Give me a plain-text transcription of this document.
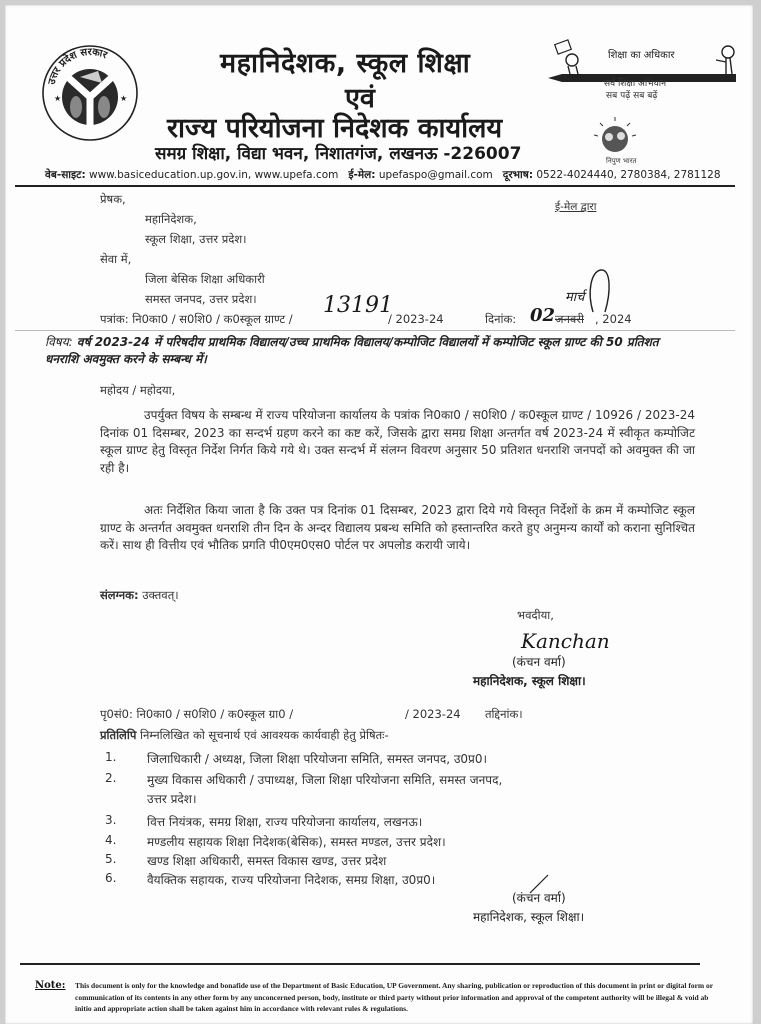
★	★
उत्तर प्रदेश सरकार	महानिदेशक, स्कूल शिक्षा
एवं
राज्य परियोजना निदेशक कार्यालय
समग्र शिक्षा, विद्या भवन, निशातगंज, लखनऊ -226007
शिक्षा का अधिकार
सर्व शिक्षा अभियान
सब पढ़ें सब बढ़ें
निपुण भारत
वेब-साइट: www.basiceducation.up.gov.in, www.upefa.com ई-मेल: upefaspo@gmail.com दूरभाष: 0522-4024440, 2780384, 2781128
प्रेषक,
ई-मेल द्वारा
महानिदेशक,
स्कूल शिक्षा, उत्तर प्रदेश।
सेवा में,
जिला बेसिक शिक्षा अधिकारी
समस्त जनपद, उत्तर प्रदेश।
पत्रांक: नि0का0 / स0शि0 / क0स्कूल ग्राण्ट /
13191
/ 2023-24	दिनांक: 02 जनवरी
मार्च
, 2024
विषय: वर्ष 2023-24 में परिषदीय प्राथमिक विद्यालय/उच्च प्राथमिक विद्यालय/कम्पोजिट विद्यालयों में कम्पोजिट स्कूल ग्राण्ट की 50 प्रतिशत धनराशि अवमुक्त करने के सम्बन्ध में।
महोदय / महोदया,
उपर्युक्त विषय के सम्बन्ध में राज्य परियोजना कार्यालय के पत्रांक नि0का0 / स0शि0 / क0स्कूल ग्राण्ट / 10926 / 2023-24 दिनांक 01 दिसम्बर, 2023 का सन्दर्भ ग्रहण करने का कष्ट करें, जिसके द्वारा समग्र शिक्षा अन्तर्गत वर्ष 2023-24 में स्वीकृत कम्पोजिट स्कूल ग्राण्ट हेतु विस्तृत निर्देश निर्गत किये गये थे। उक्त सन्दर्भ में संलग्न विवरण अनुसार 50 प्रतिशत धनराशि जनपदों को अवमुक्त की जा रही है।
अतः निर्देशित किया जाता है कि उक्त पत्र दिनांक 01 दिसम्बर, 2023 द्वारा दिये गये विस्तृत निर्देशों के क्रम में कम्पोजिट स्कूल ग्राण्ट के अन्तर्गत अवमुक्त धनराशि तीन दिन के अन्दर विद्यालय प्रबन्ध समिति को हस्तान्तरित करते हुए अनुमन्य कार्यों को कराना सुनिश्चित करें। साथ ही वित्तीय एवं भौतिक प्रगति पी0एम0एस0 पोर्टल पर अपलोड करायी जाये।
संलग्नक: उक्तवत्।
भवदीया,
Kanchan
(कंचन वर्मा)
महानिदेशक, स्कूल शिक्षा।
पृ0सं0: नि0का0 / स0शि0 / क0स्कूल ग्रा0 /	/ 2023-24 तद्दिनांक।
प्रतिलिपि निम्नलिखित को सूचनार्थ एवं आवश्यक कार्यवाही हेतु प्रेषितः-
1.	जिलाधिकारी / अध्यक्ष, जिला शिक्षा परियोजना समिति, समस्त जनपद, उ0प्र0।
2.	मुख्य विकास अधिकारी / उपाध्यक्ष, जिला शिक्षा परियोजना समिति, समस्त जनपद,
उत्तर प्रदेश।
3.	वित्त नियंत्रक, समग्र शिक्षा, राज्य परियोजना कार्यालय, लखनऊ।
4.	मण्डलीय सहायक शिक्षा निदेशक(बेसिक), समस्त मण्डल, उत्तर प्रदेश।
5.	खण्ड शिक्षा अधिकारी, समस्त विकास खण्ड, उत्तर प्रदेश
6.	वैयक्तिक सहायक, राज्य परियोजना निदेशक, समग्र शिक्षा, उ0प्र0।
(कंचन वर्मा)
महानिदेशक, स्कूल शिक्षा।
Note: This document is only for the knowledge and bonafide use of the Department of Basic Education, UP Government. Any sharing, publication or reproduction of this document in print or digital form or communication of its contents in any other form by any unconcerned person, body, institute or third party without prior information and approval of the competent authority will be illegal & void ab initio and appropriate action shall be taken against him in accordance with relevant rules & regulations.
